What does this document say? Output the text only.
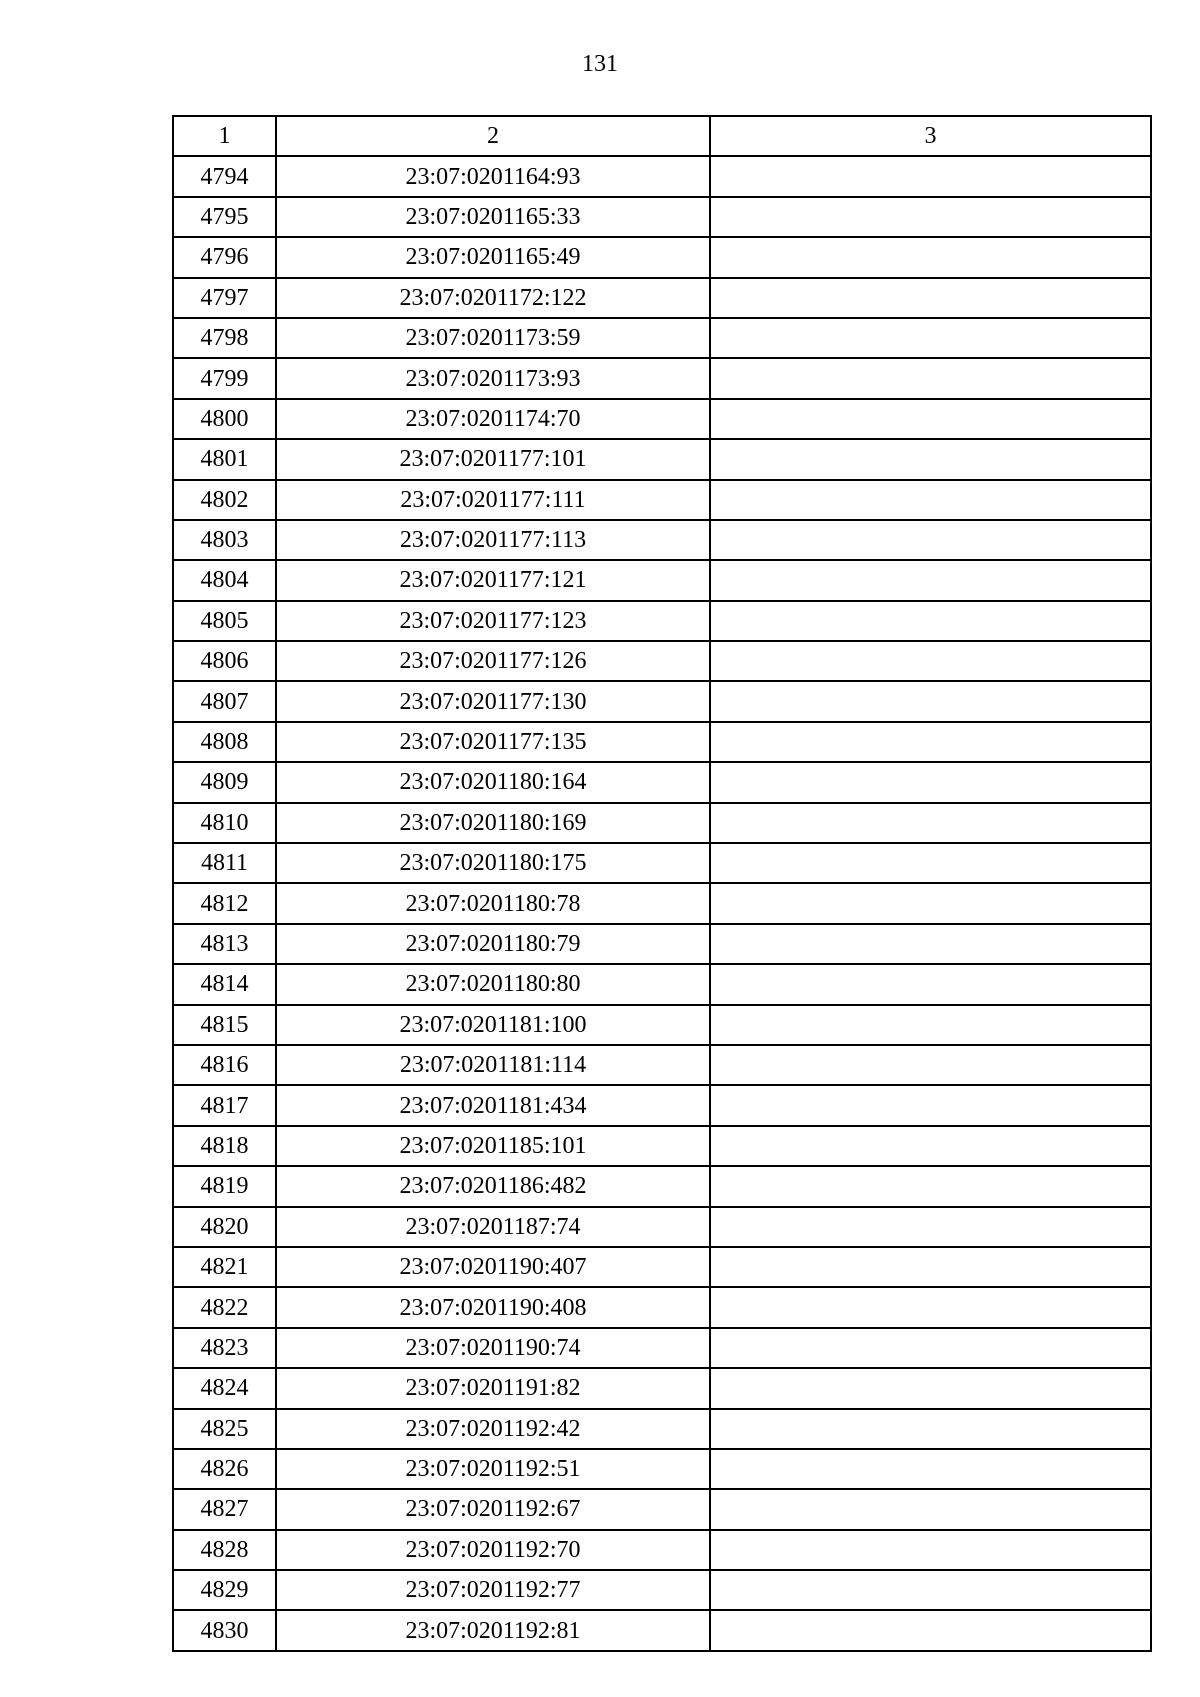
131
1	2	3
4794	23:07:0201164:93	
4795	23:07:0201165:33	
4796	23:07:0201165:49	
4797	23:07:0201172:122	
4798	23:07:0201173:59	
4799	23:07:0201173:93	
4800	23:07:0201174:70	
4801	23:07:0201177:101	
4802	23:07:0201177:111	
4803	23:07:0201177:113	
4804	23:07:0201177:121	
4805	23:07:0201177:123	
4806	23:07:0201177:126	
4807	23:07:0201177:130	
4808	23:07:0201177:135	
4809	23:07:0201180:164	
4810	23:07:0201180:169	
4811	23:07:0201180:175	
4812	23:07:0201180:78	
4813	23:07:0201180:79	
4814	23:07:0201180:80	
4815	23:07:0201181:100	
4816	23:07:0201181:114	
4817	23:07:0201181:434	
4818	23:07:0201185:101	
4819	23:07:0201186:482	
4820	23:07:0201187:74	
4821	23:07:0201190:407	
4822	23:07:0201190:408	
4823	23:07:0201190:74	
4824	23:07:0201191:82	
4825	23:07:0201192:42	
4826	23:07:0201192:51	
4827	23:07:0201192:67	
4828	23:07:0201192:70	
4829	23:07:0201192:77	
4830	23:07:0201192:81	
